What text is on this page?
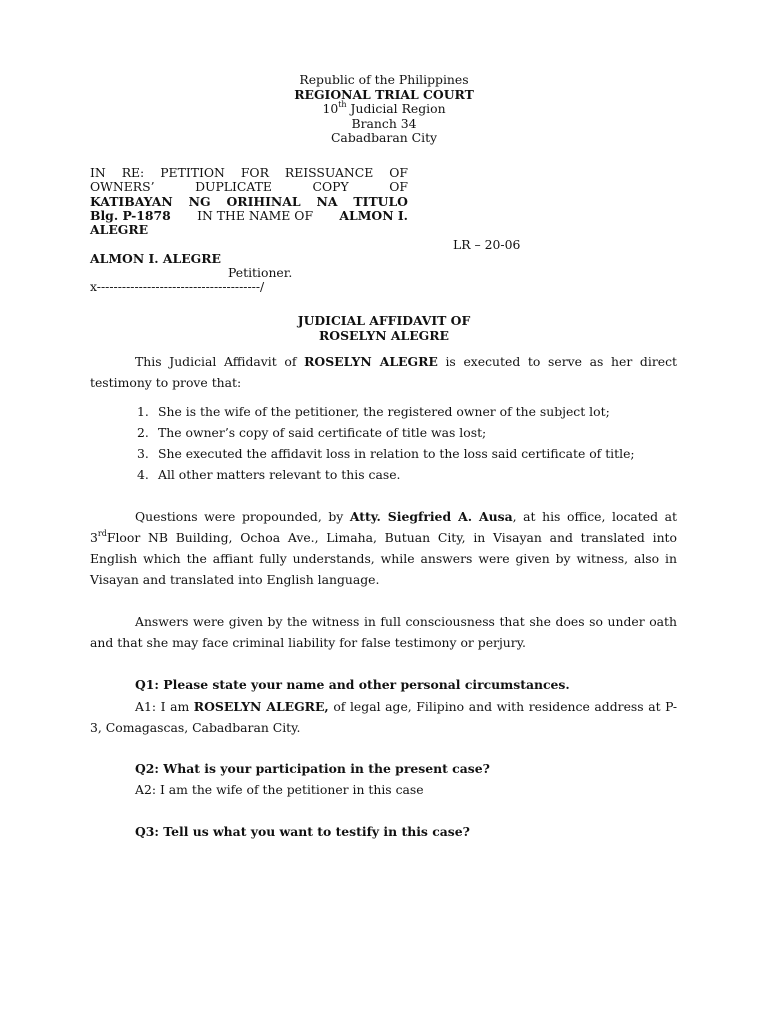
Republic of the Philippines
REGIONAL TRIAL COURT
10th Judicial Region
Branch 34
Cabadbaran City
IN RE: PETITION FOR REISSUANCE OF
OWNERS’	DUPLICATE	COPY	OF
KATIBAYAN NG ORIHINAL NA TITULO
Blg. P-1878 IN THE NAME OF ALMON I.
ALEGRE
LR – 20-06
ALMON I. ALEGRE
Petitioner.
x---------------------------------------/
JUDICIAL AFFIDAVIT OF
ROSELYN ALEGRE
This Judicial Affidavit of ROSELYN ALEGRE is executed to serve as her direct testimony to prove that:
1. She is the wife of the petitioner, the registered owner of the subject lot;
2. The owner’s copy of said certificate of title was lost;
3. She executed the affidavit loss in relation to the loss said certificate of title;
4. All other matters relevant to this case.
Questions were propounded, by Atty. Siegfried A. Ausa, at his office, located at 3rdFloor NB Building, Ochoa Ave., Limaha, Butuan City, in Visayan and translated into English which the affiant fully understands, while answers were given by witness, also in Visayan and translated into English language.
Answers were given by the witness in full consciousness that she does so under oath and that she may face criminal liability for false testimony or perjury.
Q1: Please state your name and other personal circumstances.
A1: I am ROSELYN ALEGRE, of legal age, Filipino and with residence address at P-3, Comagascas, Cabadbaran City.
Q2: What is your participation in the present case?
A2: I am the wife of the petitioner in this case
Q3: Tell us what you want to testify in this case?
